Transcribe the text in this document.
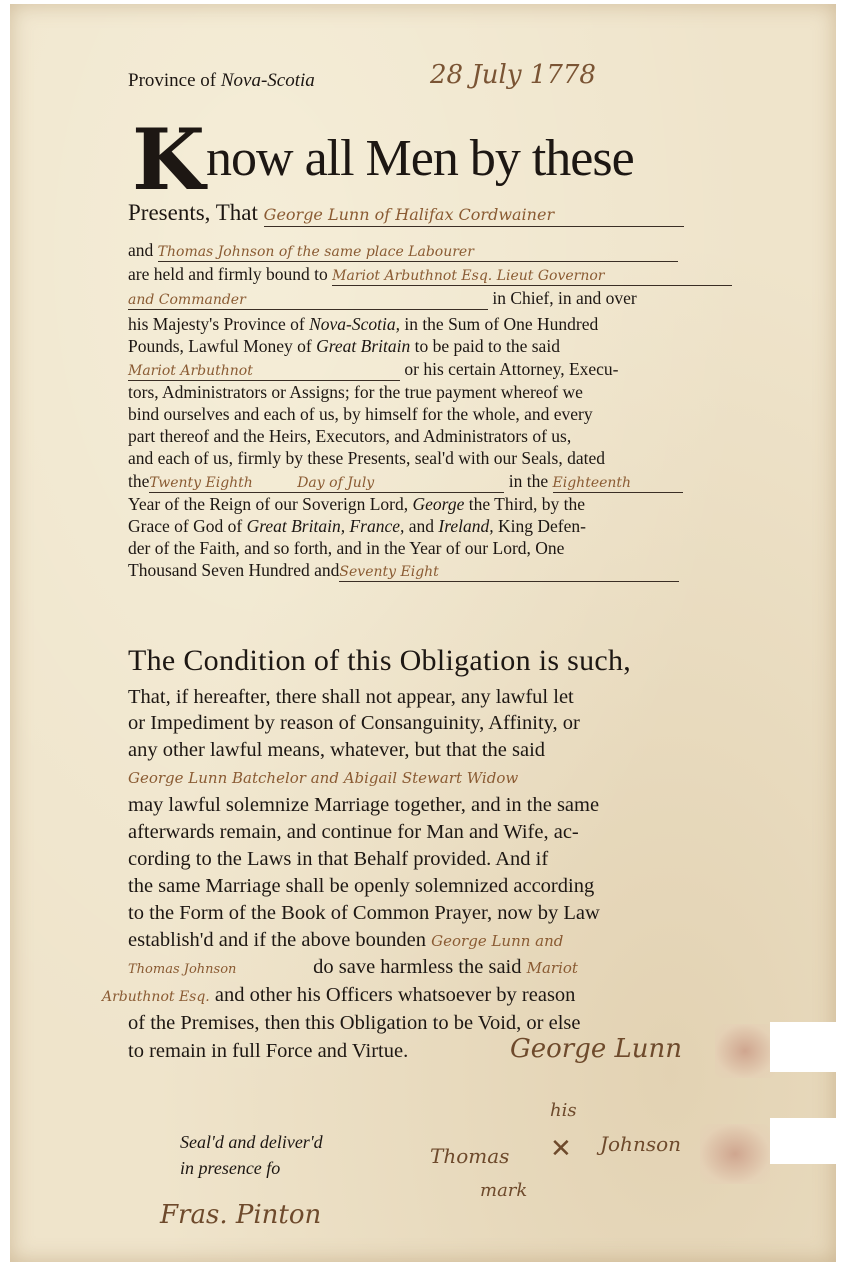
Province of Nova-Scotia	28 July 1778
Know all Men by these
Presents, That George Lunn of Halifax Cordwainer
and Thomas Johnson of the same place Labourer
are held and firmly bound to Mariot Arbuthnot Esq. Lieut Governor
and Commander	in Chief, in and over
his Majesty's Province of Nova-Scotia, in the Sum of One Hundred
Pounds, Lawful Money of Great Britain to be paid to the said
Mariot Arbuthnot	or his certain Attorney, Execu-
tors, Administrators or Assigns; for the true payment whereof we
bind ourselves and each of us, by himself for the whole, and every
part thereof and the Heirs, Executors, and Administrators of us,
and each of us, firmly by these Presents, seal'd with our Seals, dated
theTwenty Eighth	Day of July	in the Eighteenth
Year of the Reign of our Soverign Lord, George the Third, by the
Grace of God of Great Britain, France, and Ireland, King Defen-
der of the Faith, and so forth, and in the Year of our Lord, One
Thousand Seven Hundred andSeventy Eight
The Condition of this Obligation is such,
That, if hereafter, there shall not appear, any lawful let
or Impediment by reason of Consanguinity, Affinity, or
any other lawful means, whatever, but that the said
George Lunn Batchelor and Abigail Stewart Widow
may lawful solemnize Marriage together, and in the same
afterwards remain, and continue for Man and Wife, ac-
cording to the Laws in that Behalf provided. And if
the same Marriage shall be openly solemnized according
to the Form of the Book of Common Prayer, now by Law
establish'd and if the above bounden George Lunn and
Thomas Johnson	do save harmless the said Mariot
Arbuthnot Esq. and other his Officers whatsoever by reason
of the Premises, then this Obligation to be Void, or else
to remain in full Force and Virtue.	George Lunn
his
Thomas ✕ Johnson
mark
Seal'd and deliver'd
in presence fo
Fras. Pinton
